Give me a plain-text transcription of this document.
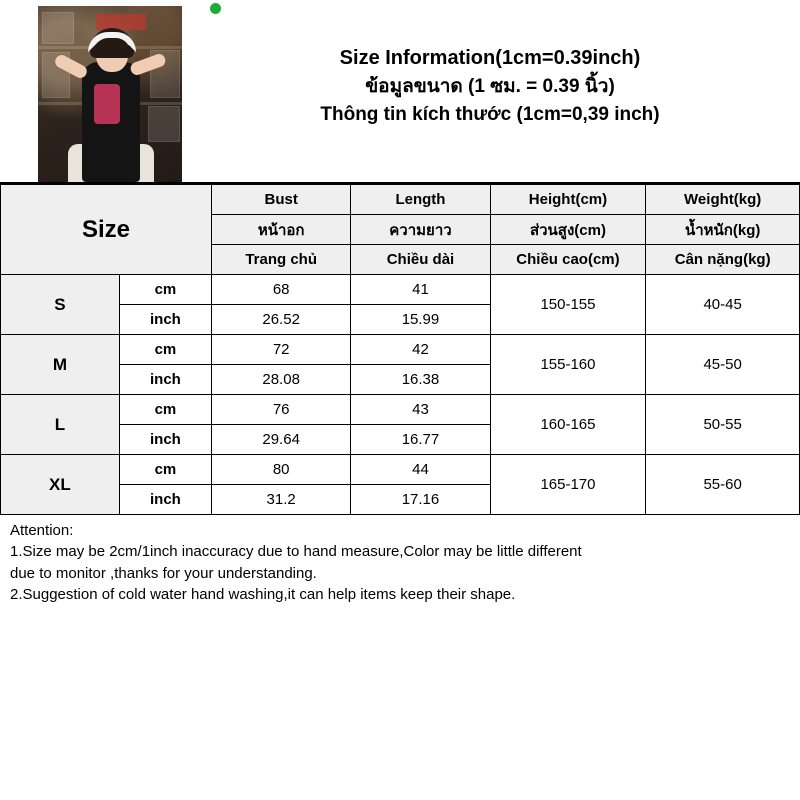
Size Information(1cm=0.39inch)
ข้อมูลขนาด (1 ซม. = 0.39 นิ้ว)
Thông tin kích thước (1cm=0,39 inch)
Size		Bust	Length	Height(cm)	Weight(kg)
		หน้าอก	ความยาว	ส่วนสูง(cm)	น้ำหนัก(kg)
		Trang chủ	Chiều dài	Chiều cao(cm)	Cân nặng(kg)
S	cm	68	41	150-155	40-45
	inch	26.52	15.99		
M	cm	72	42	155-160	45-50
	inch	28.08	16.38		
L	cm	76	43	160-165	50-55
	inch	29.64	16.77		
XL	cm	80	44	165-170	55-60
	inch	31.2	17.16		

Attention:

1.Size may be 2cm/1inch inaccuracy due to hand measure,Color may be little different

due to monitor ,thanks for your understanding.

2.Suggestion of cold water hand washing,it can help items keep their shape.
